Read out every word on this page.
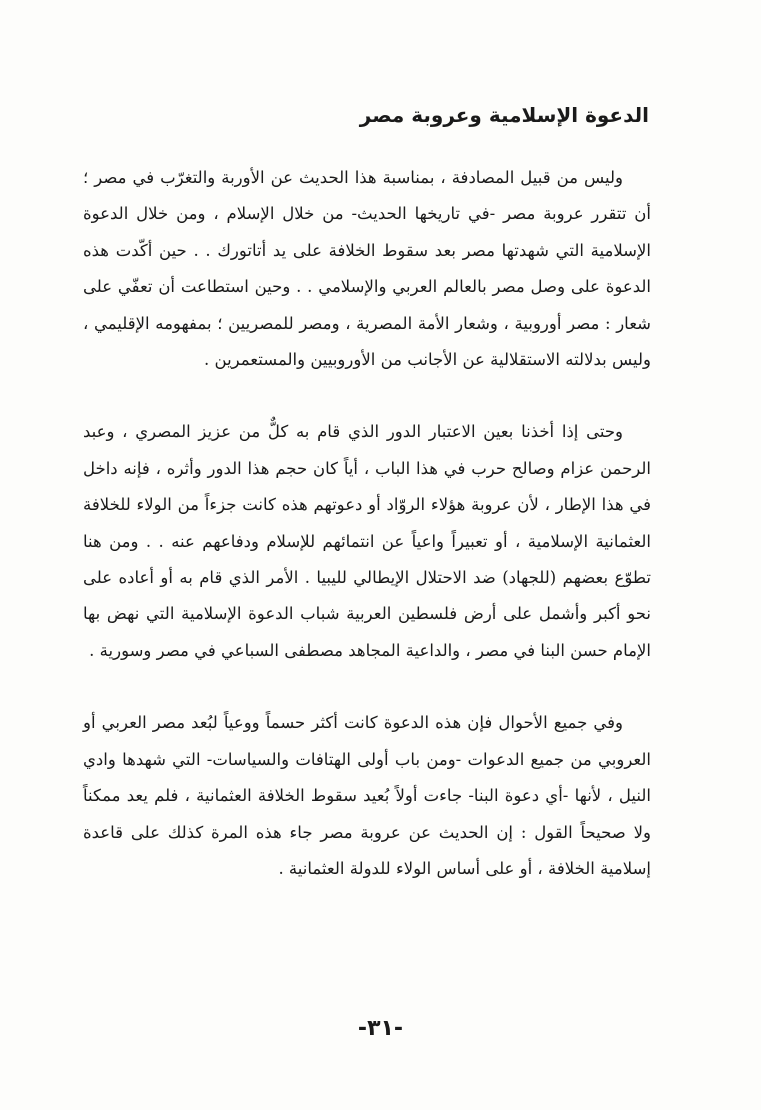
الدعوة الإسلامية وعروبة مصر

وليس من قبيل المصادفة ، بمناسبة هذا الحديث عن الأوربة والتغرّب في مصر ؛ أن تتقرر عروبة مصر -في تاريخها الحديث- من خلال الإسلام ، ومن خلال الدعوة الإسلامية التي شهدتها مصر بعد سقوط الخلافة على يد أتاتورك . . حين أكّدت هذه الدعوة على وصل مصر بالعالم العربي والإسلامي . . وحين استطاعت أن تعفّي على شعار : مصر أوروبية ، وشعار الأمة المصرية ، ومصر للمصريين ؛ بمفهومه الإقليمي ، وليس بدلالته الاستقلالية عن الأجانب من الأوروبيين والمستعمرين .

وحتى إذا أخذنا بعين الاعتبار الدور الذي قام به كلٌّ من عزيز المصري ، وعبد الرحمن عزام وصالح حرب في هذا الباب ، أياً كان حجم هذا الدور وأثره ، فإنه داخل في هذا الإطار ، لأن عروبة هؤلاء الروّاد أو دعوتهم هذه كانت جزءاً من الولاء للخلافة العثمانية الإسلامية ، أو تعبيراً واعياً عن انتمائهم للإسلام ودفاعهم عنه . . ومن هنا تطوّع بعضهم (للجهاد) ضد الاحتلال الإيطالي لليبيا . الأمر الذي قام به أو أعاده على نحو أكبر وأشمل على أرض فلسطين العربية شباب الدعوة الإسلامية التي نهض بها الإمام حسن البنا في مصر ، والداعية المجاهد مصطفى السباعي في مصر وسورية .

وفي جميع الأحوال فإن هذه الدعوة كانت أكثر حسماً ووعياً لبُعد مصر العربي أو العروبي من جميع الدعوات -ومن باب أولى الهتافات والسياسات- التي شهدها وادي النيل ، لأنها -أي دعوة البنا- جاءت أولاً بُعيد سقوط الخلافة العثمانية ، فلم يعد ممكناً ولا صحيحاً القول : إن الحديث عن عروبة مصر جاء هذه المرة كذلك على قاعدة إسلامية الخلافة ، أو على أساس الولاء للدولة العثمانية .

-٣١-
